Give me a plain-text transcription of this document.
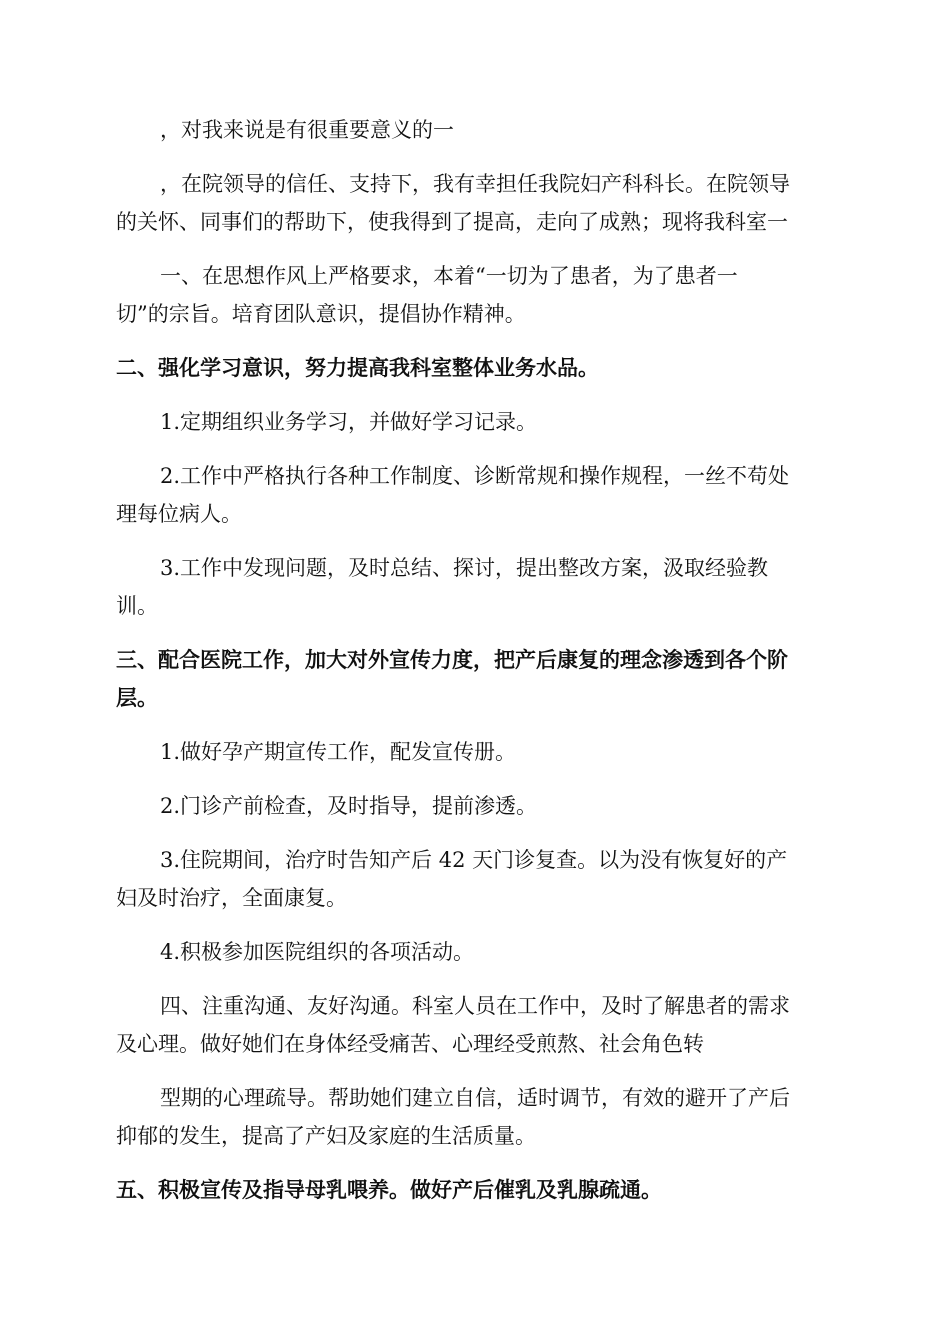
，对我来说是有很重要意义的一
，在院领导的信任、支持下，我有幸担任我院妇产科科长。在院领导
的关怀、同事们的帮助下，使我得到了提高，走向了成熟；现将我科室一
一、在思想作风上严格要求，本着“一切为了患者，为了患者一
切”的宗旨。培育团队意识，提倡协作精神。
二、强化学习意识，努力提高我科室整体业务水品。
1.定期组织业务学习，并做好学习记录。
2.工作中严格执行各种工作制度、诊断常规和操作规程，一丝不苟处
理每位病人。
3.工作中发现问题，及时总结、探讨，提出整改方案，汲取经验教
训。
三、配合医院工作，加大对外宣传力度，把产后康复的理念渗透到各个阶
层。
1.做好孕产期宣传工作，配发宣传册。
2.门诊产前检查，及时指导，提前渗透。
3.住院期间，治疗时告知产后 42 天门诊复查。以为没有恢复好的产
妇及时治疗，全面康复。
4.积极参加医院组织的各项活动。
四、注重沟通、友好沟通。科室人员在工作中，及时了解患者的需求
及心理。做好她们在身体经受痛苦、心理经受煎熬、社会角色转
型期的心理疏导。帮助她们建立自信，适时调节，有效的避开了产后
抑郁的发生，提高了产妇及家庭的生活质量。
五、积极宣传及指导母乳喂养。做好产后催乳及乳腺疏通。
